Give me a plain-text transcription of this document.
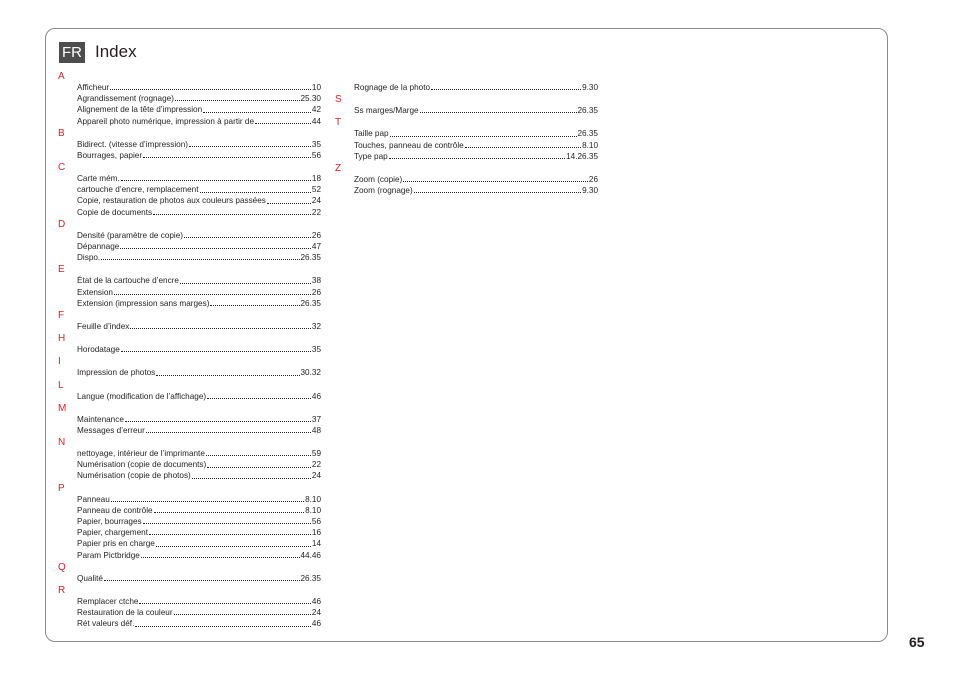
FR Index
65
A
Afficheur	10
Agrandissement (rognage)	25.30
Alignement de la tête d’impression	42
Appareil photo numérique, impression à partir de	44
B
Bidirect. (vitesse d’impression)	35
Bourrages, papier	56
C
Carte mém.	18
cartouche d’encre, remplacement	52
Copie, restauration de photos aux couleurs passées	24
Copie de documents	22
D
Densité (paramètre de copie)	26
Dépannage	47
Dispo.	26.35
E
État de la cartouche d’encre	38
Extension	26
Extension (impression sans marges)	26.35
F
Feuille d’index	32
H
Horodatage	35
I
Impression de photos	30.32
L
Langue (modification de l’affichage)	46
M
Maintenance	37
Messages d’erreur	48
N
nettoyage, intérieur de l’imprimante	59
Numérisation (copie de documents)	22
Numérisation (copie de photos)	24
P
Panneau	8.10
Panneau de contrôle	8.10
Papier, bourrages	56
Papier, chargement	16
Papier pris en charge	14
Param Pictbridge	44.46
Q
Qualité	26.35
R
Remplacer ctche	46
Restauration de la couleur	24
Rét valeurs déf.	46
Rognage de la photo	9.30
S
Ss marges/Marge	26.35
T
Taille pap	26.35
Touches, panneau de contrôle	8.10
Type pap	14.26.35
Z
Zoom (copie)	26
Zoom (rognage)	9.30
